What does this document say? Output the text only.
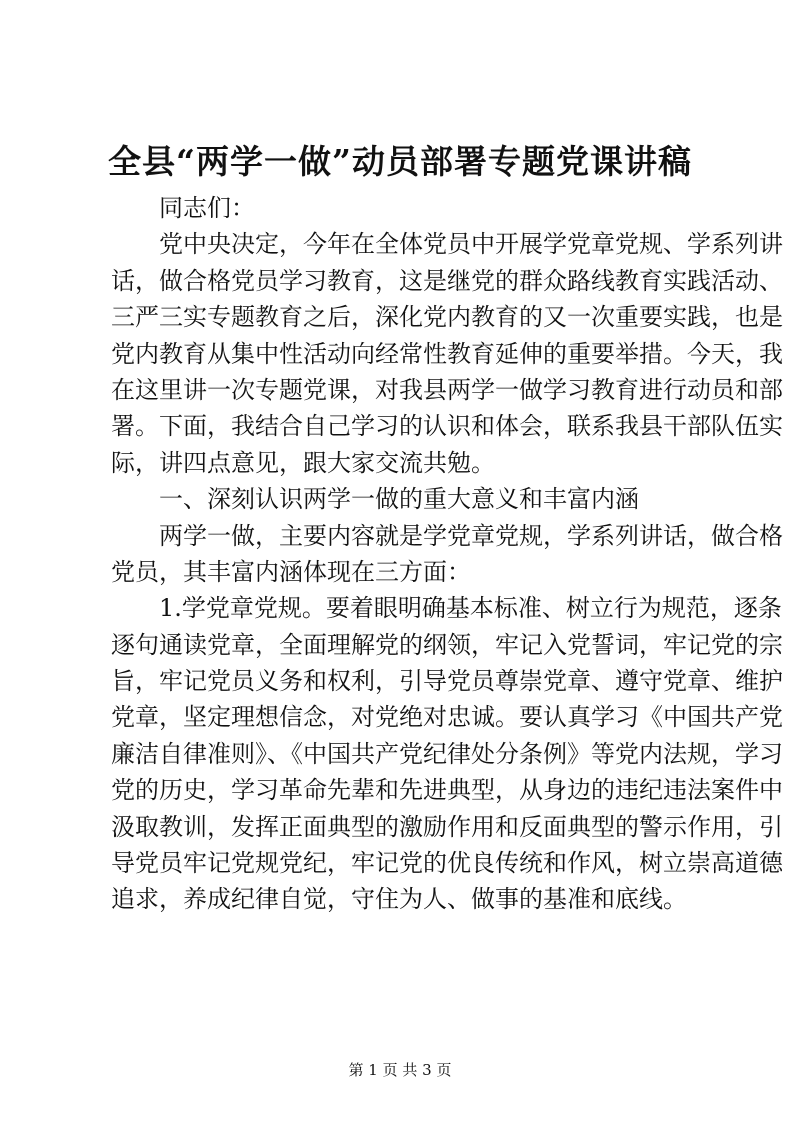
全县“两学一做”动员部署专题党课讲稿
　　同志们：
　　党中央决定，今年在全体党员中开展学党章党规、学系列讲
话，做合格党员学习教育，这是继党的群众路线教育实践活动、
三严三实专题教育之后，深化党内教育的又一次重要实践，也是
党内教育从集中性活动向经常性教育延伸的重要举措。今天，我
在这里讲一次专题党课，对我县两学一做学习教育进行动员和部
署。下面，我结合自己学习的认识和体会，联系我县干部队伍实
际，讲四点意见，跟大家交流共勉。
　　一、深刻认识两学一做的重大意义和丰富内涵
　　两学一做，主要内容就是学党章党规，学系列讲话，做合格
党员，其丰富内涵体现在三方面：
　　1.学党章党规。要着眼明确基本标准、树立行为规范，逐条
逐句通读党章，全面理解党的纲领，牢记入党誓词，牢记党的宗
旨，牢记党员义务和权利，引导党员尊崇党章、遵守党章、维护
党章，坚定理想信念，对党绝对忠诚。要认真学习《中国共产党
廉洁自律准则》、《中国共产党纪律处分条例》等党内法规，学习
党的历史，学习革命先辈和先进典型，从身边的违纪违法案件中
汲取教训，发挥正面典型的激励作用和反面典型的警示作用，引
导党员牢记党规党纪，牢记党的优良传统和作风，树立崇高道德
追求，养成纪律自觉，守住为人、做事的基准和底线。
第 1 页 共 3 页
